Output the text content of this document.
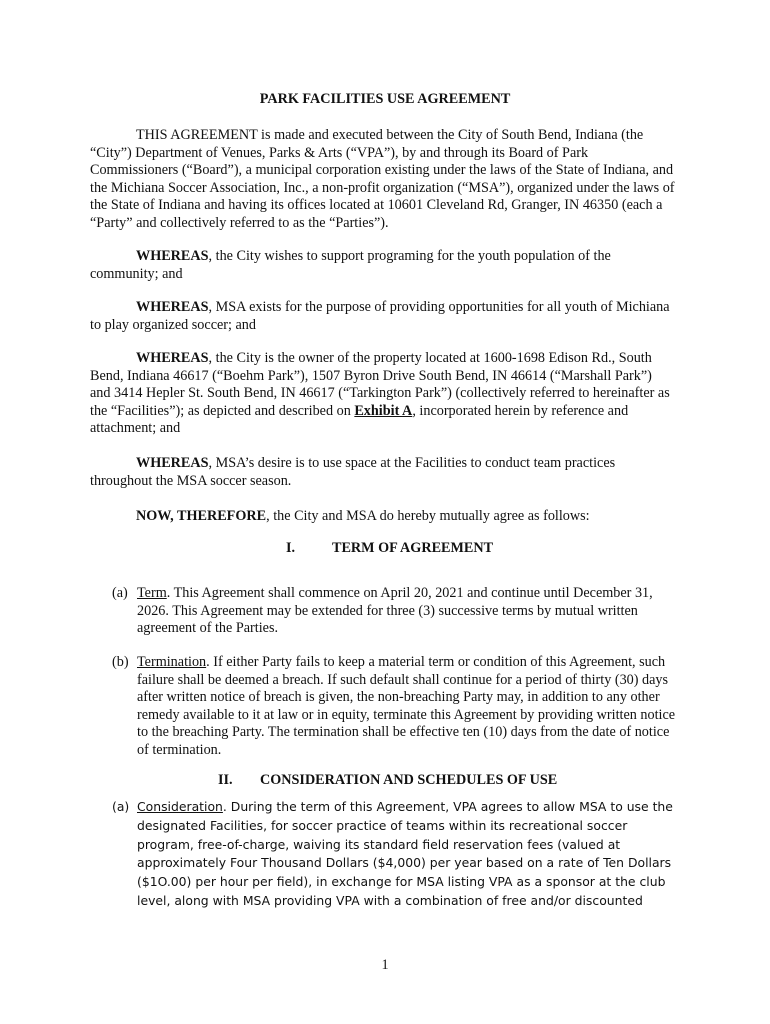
PARK FACILITIES USE AGREEMENT

THIS AGREEMENT is made and executed between the City of South Bend, Indiana (the “City”) Department of Venues, Parks & Arts (“VPA”), by and through its Board of Park Commissioners (“Board”), a municipal corporation existing under the laws of the State of Indiana, and the Michiana Soccer Association, Inc., a non-profit organization (“MSA”), organized under the laws of the State of Indiana and having its offices located at 10601 Cleveland Rd, Granger, IN 46350 (each a “Party” and collectively referred to as the “Parties”).

WHEREAS, the City wishes to support programing for the youth population of the community; and

WHEREAS, MSA exists for the purpose of providing opportunities for all youth of Michiana to play organized soccer; and

WHEREAS, the City is the owner of the property located at 1600-1698 Edison Rd., South Bend, Indiana 46617 (“Boehm Park”), 1507 Byron Drive South Bend, IN 46614 (“Marshall Park”) and 3414 Hepler St. South Bend, IN 46617 (“Tarkington Park”) (collectively referred to hereinafter as the “Facilities”); as depicted and described on Exhibit A, incorporated herein by reference and attachment; and

WHEREAS, MSA’s desire is to use space at the Facilities to conduct team practices throughout the MSA soccer season.

NOW, THEREFORE, the City and MSA do hereby mutually agree as follows:

I.	TERM OF AGREEMENT
(a) Term. This Agreement shall commence on April 20, 2021 and continue until December 31, 2026. This Agreement may be extended for three (3) successive terms by mutual written agreement of the Parties.
(b) Termination. If either Party fails to keep a material term or condition of this Agreement, such failure shall be deemed a breach. If such default shall continue for a period of thirty (30) days after written notice of breach is given, the non-breaching Party may, in addition to any other remedy available to it at law or in equity, terminate this Agreement by providing written notice to the breaching Party. The termination shall be effective ten (10) days from the date of notice of termination.
II. CONSIDERATION AND SCHEDULES OF USE
(a) Consideration. During the term of this Agreement, VPA agrees to allow MSA to use the designated Facilities, for soccer practice of teams within its recreational soccer program, free-of-charge, waiving its standard field reservation fees (valued at approximately Four Thousand Dollars ($4,000) per year based on a rate of Ten Dollars ($1O.00) per hour per field), in exchange for MSA listing VPA as a sponsor at the club level, along with MSA providing VPA with a combination of free and/or discounted
1
